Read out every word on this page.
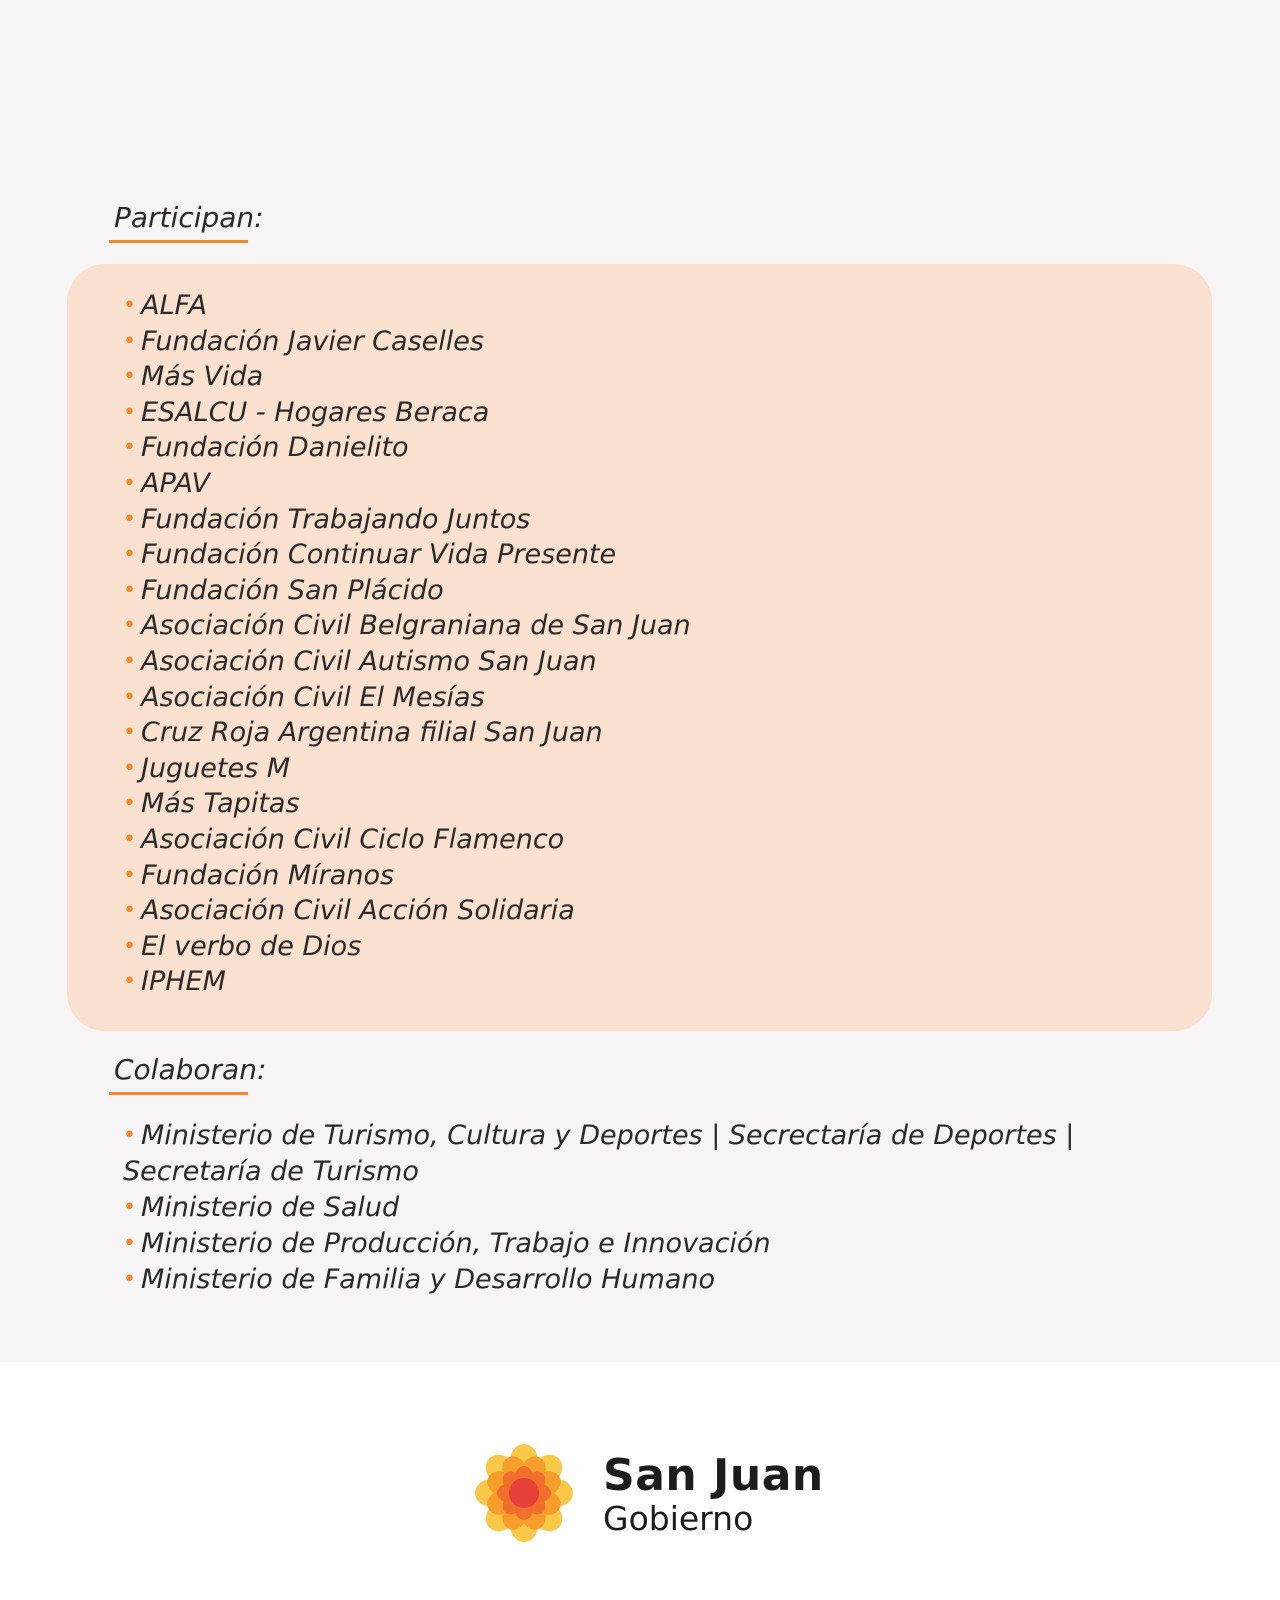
Participan:
• ALFA
• Fundación Javier Caselles
• Más Vida
• ESALCU - Hogares Beraca
• Fundación Danielito
• APAV
• Fundación Trabajando Juntos
• Fundación Continuar Vida Presente
• Fundación San Plácido
• Asociación Civil Belgraniana de San Juan
• Asociación Civil Autismo San Juan
• Asociación Civil El Mesías
• Cruz Roja Argentina filial San Juan
• Juguetes M
• Más Tapitas
• Asociación Civil Ciclo Flamenco
• Fundación Míranos
• Asociación Civil Acción Solidaria
• El verbo de Dios
• IPHEM
Colaboran:
• Ministerio de Turismo, Cultura y Deportes | Secrectaría de Deportes | Secretaría de Turismo
• Ministerio de Salud
• Ministerio de Producción, Trabajo e Innovación
• Ministerio de Familia y Desarrollo Humano
San Juan
Gobierno
